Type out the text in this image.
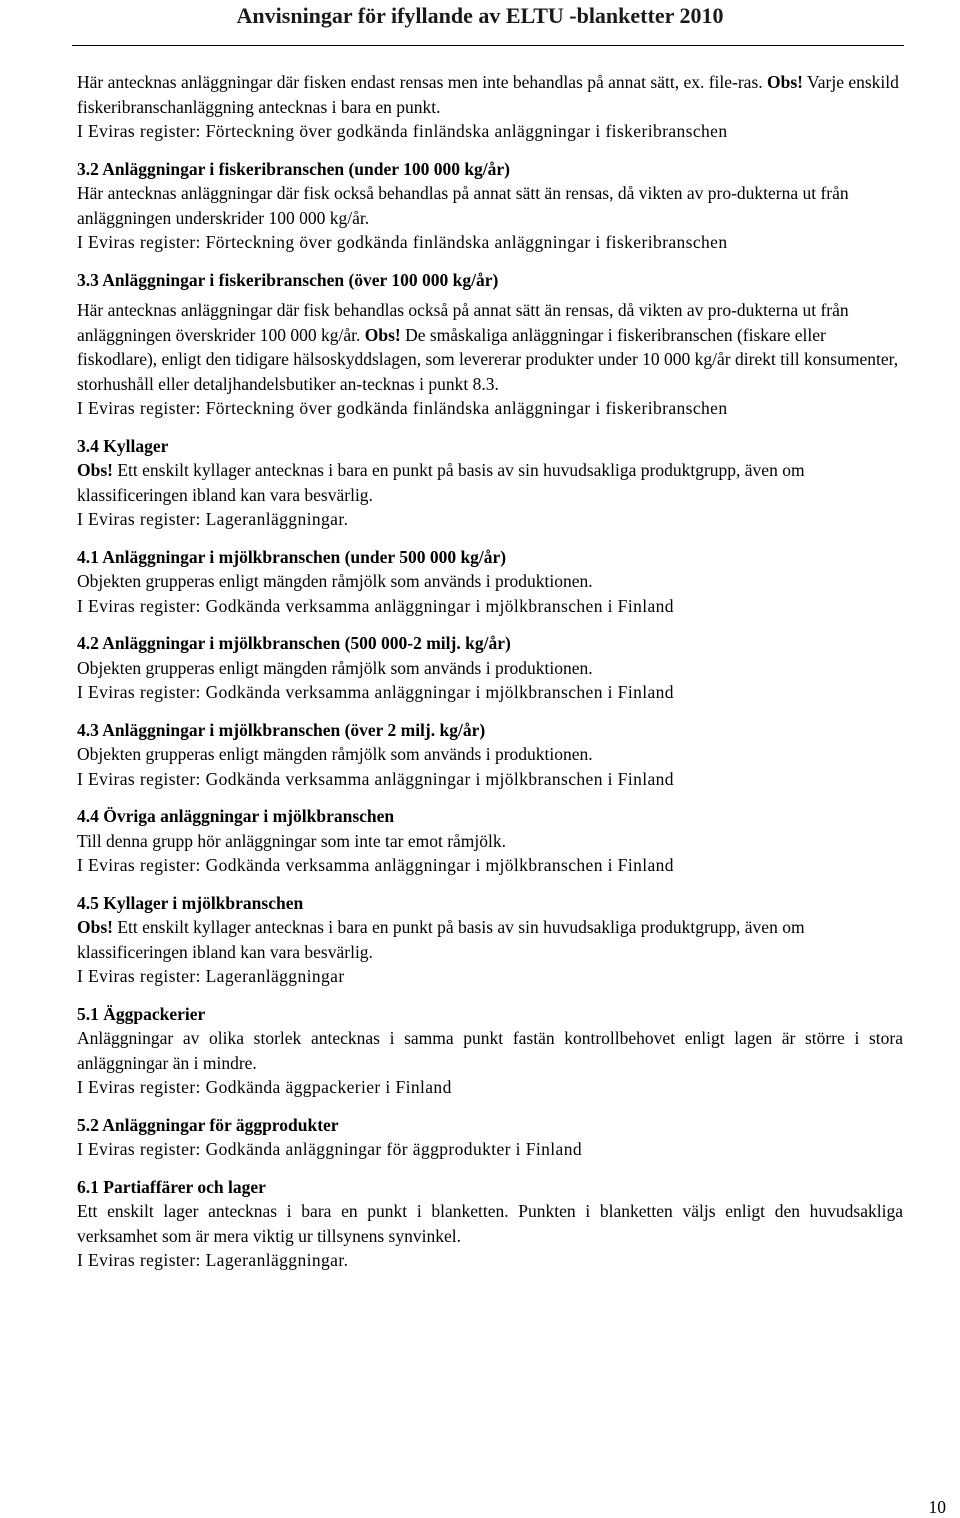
Anvisningar för ifyllande av ELTU -blanketter 2010

Här antecknas anläggningar där fisken endast rensas men inte behandlas på annat sätt, ex. file-ras. Obs! Varje enskild fiskeribranschanläggning antecknas i bara en punkt.

I Eviras register: Förteckning över godkända finländska anläggningar i fiskeribranschen

3.2 Anläggningar i fiskeribranschen (under 100 000 kg/år)

Här antecknas anläggningar där fisk också behandlas på annat sätt än rensas, då vikten av pro-dukterna ut från anläggningen underskrider 100 000 kg/år.

I Eviras register: Förteckning över godkända finländska anläggningar i fiskeribranschen

3.3 Anläggningar i fiskeribranschen (över 100 000 kg/år)

Här antecknas anläggningar där fisk behandlas också på annat sätt än rensas, då vikten av pro-dukterna ut från anläggningen överskrider 100 000 kg/år. Obs! De småskaliga anläggningar i fiskeribranschen (fiskare eller fiskodlare), enligt den tidigare hälsoskyddslagen, som levererar produkter under 10 000 kg/år direkt till konsumenter, storhushåll eller detaljhandelsbutiker an-tecknas i punkt 8.3.

I Eviras register: Förteckning över godkända finländska anläggningar i fiskeribranschen

3.4 Kyllager

Obs! Ett enskilt kyllager antecknas i bara en punkt på basis av sin huvudsakliga produktgrupp, även om klassificeringen ibland kan vara besvärlig.

I Eviras register: Lageranläggningar.

4.1 Anläggningar i mjölkbranschen (under 500 000 kg/år)

Objekten grupperas enligt mängden råmjölk som används i produktionen.

I Eviras register: Godkända verksamma anläggningar i mjölkbranschen i Finland

4.2 Anläggningar i mjölkbranschen (500 000-2 milj. kg/år)

Objekten grupperas enligt mängden råmjölk som används i produktionen.

I Eviras register: Godkända verksamma anläggningar i mjölkbranschen i Finland

4.3 Anläggningar i mjölkbranschen (över 2 milj. kg/år)

Objekten grupperas enligt mängden råmjölk som används i produktionen.

I Eviras register: Godkända verksamma anläggningar i mjölkbranschen i Finland

4.4 Övriga anläggningar i mjölkbranschen

Till denna grupp hör anläggningar som inte tar emot råmjölk.

I Eviras register: Godkända verksamma anläggningar i mjölkbranschen i Finland

4.5 Kyllager i mjölkbranschen

Obs! Ett enskilt kyllager antecknas i bara en punkt på basis av sin huvudsakliga produktgrupp, även om klassificeringen ibland kan vara besvärlig.

I Eviras register: Lageranläggningar

5.1 Äggpackerier

Anläggningar av olika storlek antecknas i samma punkt fastän kontrollbehovet enligt lagen är större i stora anläggningar än i mindre.

I Eviras register: Godkända äggpackerier i Finland

5.2 Anläggningar för äggprodukter

I Eviras register: Godkända anläggningar för äggprodukter i Finland

6.1 Partiaffärer och lager

Ett enskilt lager antecknas i bara en punkt i blanketten. Punkten i blanketten väljs enligt den huvudsakliga verksamhet som är mera viktig ur tillsynens synvinkel.

I Eviras register: Lageranläggningar.

10
